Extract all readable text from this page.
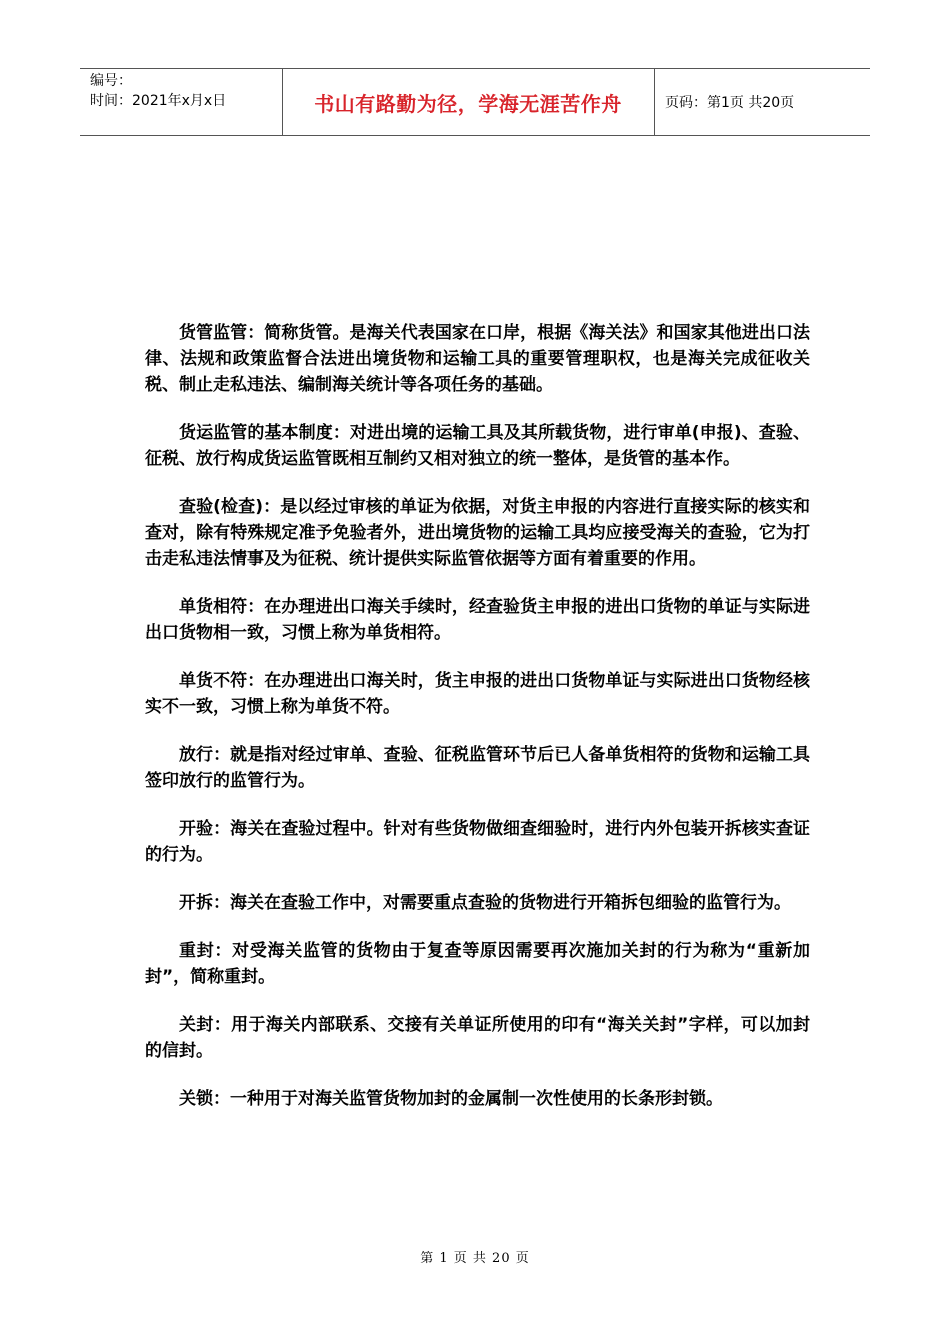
编号：
时间：2021年x月x日	书山有路勤为径，学海无涯苦作舟	页码：第1页 共20页

货管监管：简称货管。是海关代表国家在口岸，根据《海关法》和国家其他进出口法律、法规和政策监督合法进出境货物和运输工具的重要管理职权，也是海关完成征收关税、制止走私违法、编制海关统计等各项任务的基础。

货运监管的基本制度：对进出境的运输工具及其所载货物，进行审单(申报)、查验、征税、放行构成货运监管既相互制约又相对独立的统一整体，是货管的基本作。

查验(检查)：是以经过审核的单证为依据，对货主申报的内容进行直接实际的核实和查对，除有特殊规定准予免验者外，进出境货物的运输工具均应接受海关的查验，它为打击走私违法情事及为征税、统计提供实际监管依据等方面有着重要的作用。

单货相符：在办理进出口海关手续时，经查验货主申报的进出口货物的单证与实际进出口货物相一致，习惯上称为单货相符。

单货不符：在办理进出口海关时，货主申报的进出口货物单证与实际进出口货物经核实不一致，习惯上称为单货不符。

放行：就是指对经过审单、查验、征税监管环节后已人备单货相符的货物和运输工具签印放行的监管行为。

开验：海关在查验过程中。针对有些货物做细查细验时，进行内外包装开拆核实查证的行为。

开拆：海关在查验工作中，对需要重点查验的货物进行开箱拆包细验的监管行为。

重封：对受海关监管的货物由于复查等原因需要再次施加关封的行为称为“重新加封”，简称重封。

关封：用于海关内部联系、交接有关单证所使用的印有“海关关封”字样，可以加封的信封。

关锁：一种用于对海关监管货物加封的金属制一次性使用的长条形封锁。

第 1 页 共 20 页
